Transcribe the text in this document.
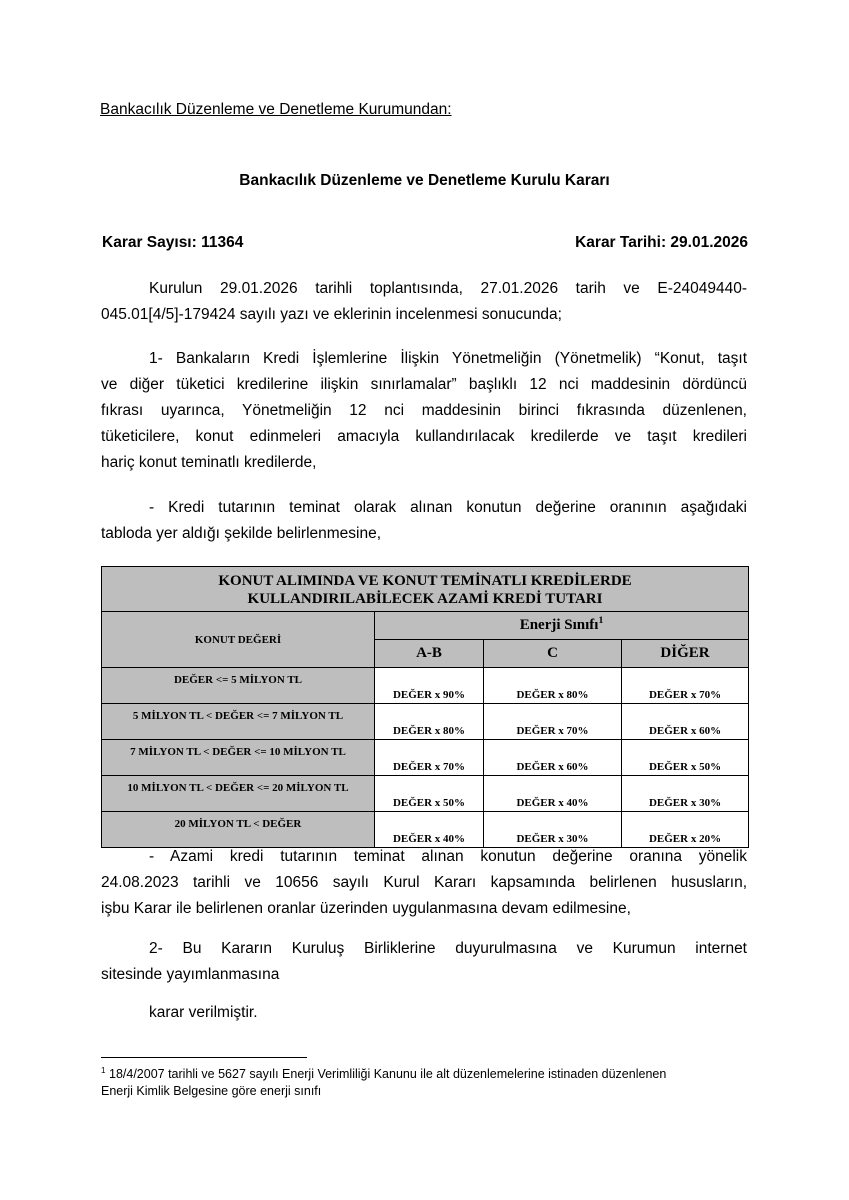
Bankacılık Düzenleme ve Denetleme Kurumundan:
Bankacılık Düzenleme ve Denetleme Kurulu Kararı
Karar Sayısı: 11364	Karar Tarihi: 29.01.2026
Kurulun 29.01.2026 tarihli toplantısında, 27.01.2026 tarih ve E-24049440-
045.01[4/5]-179424 sayılı yazı ve eklerinin incelenmesi sonucunda;
1- Bankaların Kredi İşlemlerine İlişkin Yönetmeliğin (Yönetmelik) “Konut, taşıt
ve diğer tüketici kredilerine ilişkin sınırlamalar” başlıklı 12 nci maddesinin dördüncü
fıkrası uyarınca, Yönetmeliğin 12 nci maddesinin birinci fıkrasında düzenlenen,
tüketicilere, konut edinmeleri amacıyla kullandırılacak kredilerde ve taşıt kredileri
hariç konut teminatlı kredilerde,
- Kredi tutarının teminat olarak alınan konutun değerine oranının aşağıdaki
tabloda yer aldığı şekilde belirlenmesine,
KONUT ALIMINDA VE KONUT TEMİNATLI KREDİLERDE
KULLANDIRILABİLECEK AZAMİ KREDİ TUTARI			

KONUT DEĞERİ	Enerji Sınıfı$^1$
	A-B	C	DİĞER
DEĞER <= 5 MİLYON TL	DEĞER x 90%	DEĞER x 80%	DEĞER x 70%
5 MİLYON TL < DEĞER <= 7 MİLYON TL	DEĞER x 80%	DEĞER x 70%	DEĞER x 60%
7 MİLYON TL < DEĞER <= 10 MİLYON TL	DEĞER x 70%	DEĞER x 60%	DEĞER x 50%
10 MİLYON TL < DEĞER <= 20 MİLYON TL	DEĞER x 50%	DEĞER x 40%	DEĞER x 30%
20 MİLYON TL < DEĞER	DEĞER x 40%	DEĞER x 30%	DEĞER x 20%
- Azami kredi tutarının teminat alınan konutun değerine oranına yönelik
24.08.2023 tarihli ve 10656 sayılı Kurul Kararı kapsamında belirlenen hususların,
işbu Karar ile belirlenen oranlar üzerinden uygulanmasına devam edilmesine,
2- Bu Kararın Kuruluş Birliklerine duyurulmasına ve Kurumun internet
sitesinde yayımlanmasına
karar verilmiştir.
$^1$ 18/4/2007 tarihli ve 5627 sayılı Enerji Verimliliği Kanunu ile alt düzenlemelerine istinaden düzenlenen
Enerji Kimlik Belgesine göre enerji sınıfı
